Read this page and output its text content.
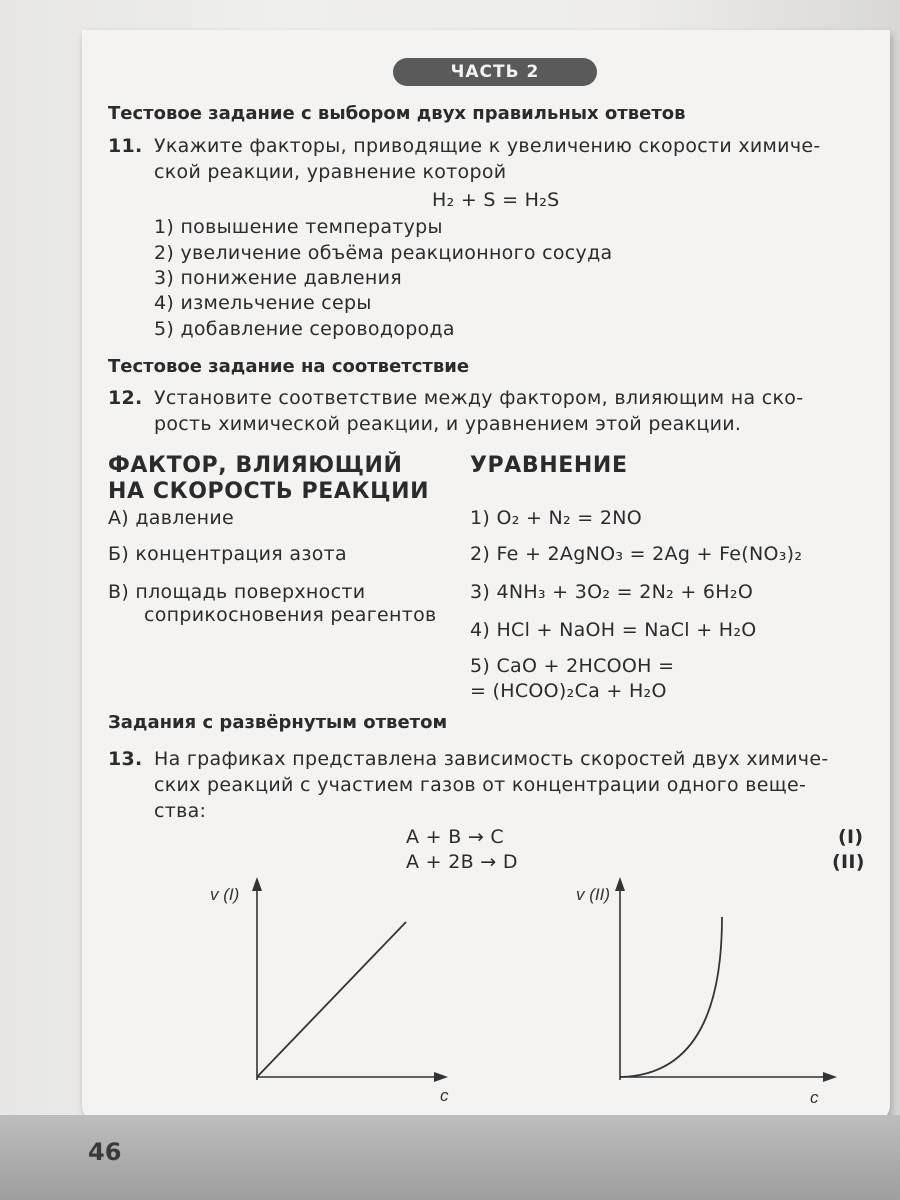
ЧАСТЬ 2
Тестовое задание с выбором двух правильных ответов
11. Укажите факторы, приводящие к увеличению скорости химиче-
ской реакции, уравнение которой
H₂ + S = H₂S
1) повышение температуры
2) увеличение объёма реакционного сосуда
3) понижение давления
4) измельчение серы
5) добавление сероводорода
Тестовое задание на соответствие
12. Установите соответствие между фактором, влияющим на ско-
рость химической реакции, и уравнением этой реакции.
ФАКТОР, ВЛИЯЮЩИЙ
НА СКОРОСТЬ РЕАКЦИИ
УРАВНЕНИЕ
А) давление
Б) концентрация азота
В) площадь поверхности
соприкосновения реагентов
1) O₂ + N₂ = 2NO
2) Fe + 2AgNO₃ = 2Ag + Fe(NO₃)₂
3) 4NH₃ + 3O₂ = 2N₂ + 6H₂O
4) HCl + NaOH = NaCl + H₂O
5) CaO + 2HCOOH =
= (HCOO)₂Ca + H₂O
Задания с развёрнутым ответом
13. На графиках представлена зависимость скоростей двух химиче-
ских реакций с участием газов от концентрации одного веще-
ства:
A + B → C	(I)
A + 2B → D	(II)
v (I)
c
v (II)
c
46
